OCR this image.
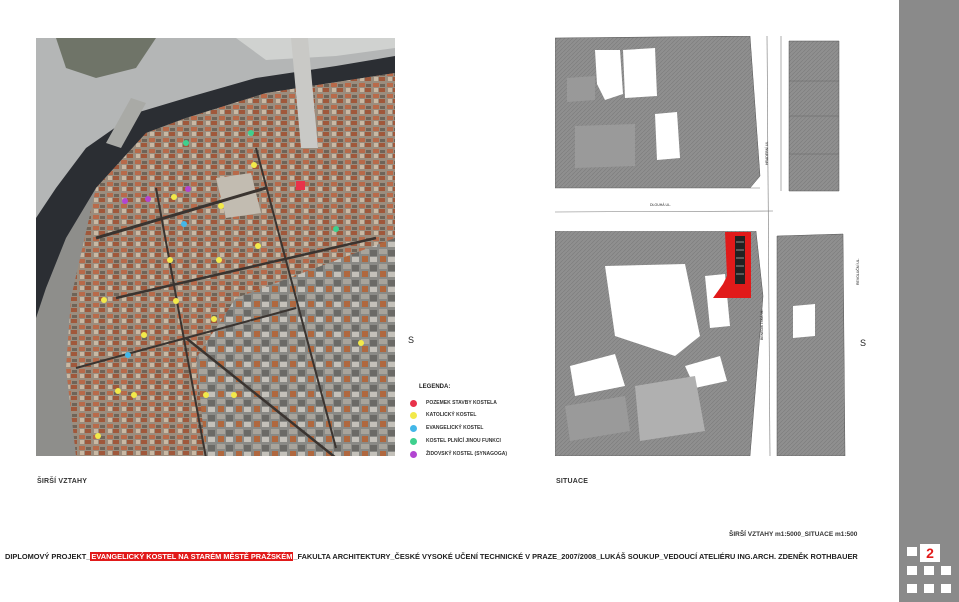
S
LEGENDA:
POZEMEK STAVBY KOSTELA
KATOLICKÝ KOSTEL
EVANGELICKÝ KOSTEL
KOSTEL PLNÍCÍ JINOU FUNKCI
ŽIDOVSKÝ KOSTEL (SYNAGOGA)
ŠIRŠÍ VZTAHY
DLOUHÁ UL.
HRADEBNÍ UL.
REVOLUČNÍ UL.
BENEDIKTSKÁ UL.
S
SITUACE
ŠIRŠÍ VZTAHY m1:5000_SITUACE m1:500
DIPLOMOVÝ PROJEKT_ EVANGELICKÝ KOSTEL NA STARÉM MĚSTĚ PRAŽSKÉM _FAKULTA ARCHITEKTURY_ČESKÉ VYSOKÉ UČENÍ TECHNICKÉ V PRAZE_2007/2008_LUKÁŠ SOUKUP_VEDOUCÍ ATELIÉRU ING.ARCH. ZDENĚK ROTHBAUER	2
